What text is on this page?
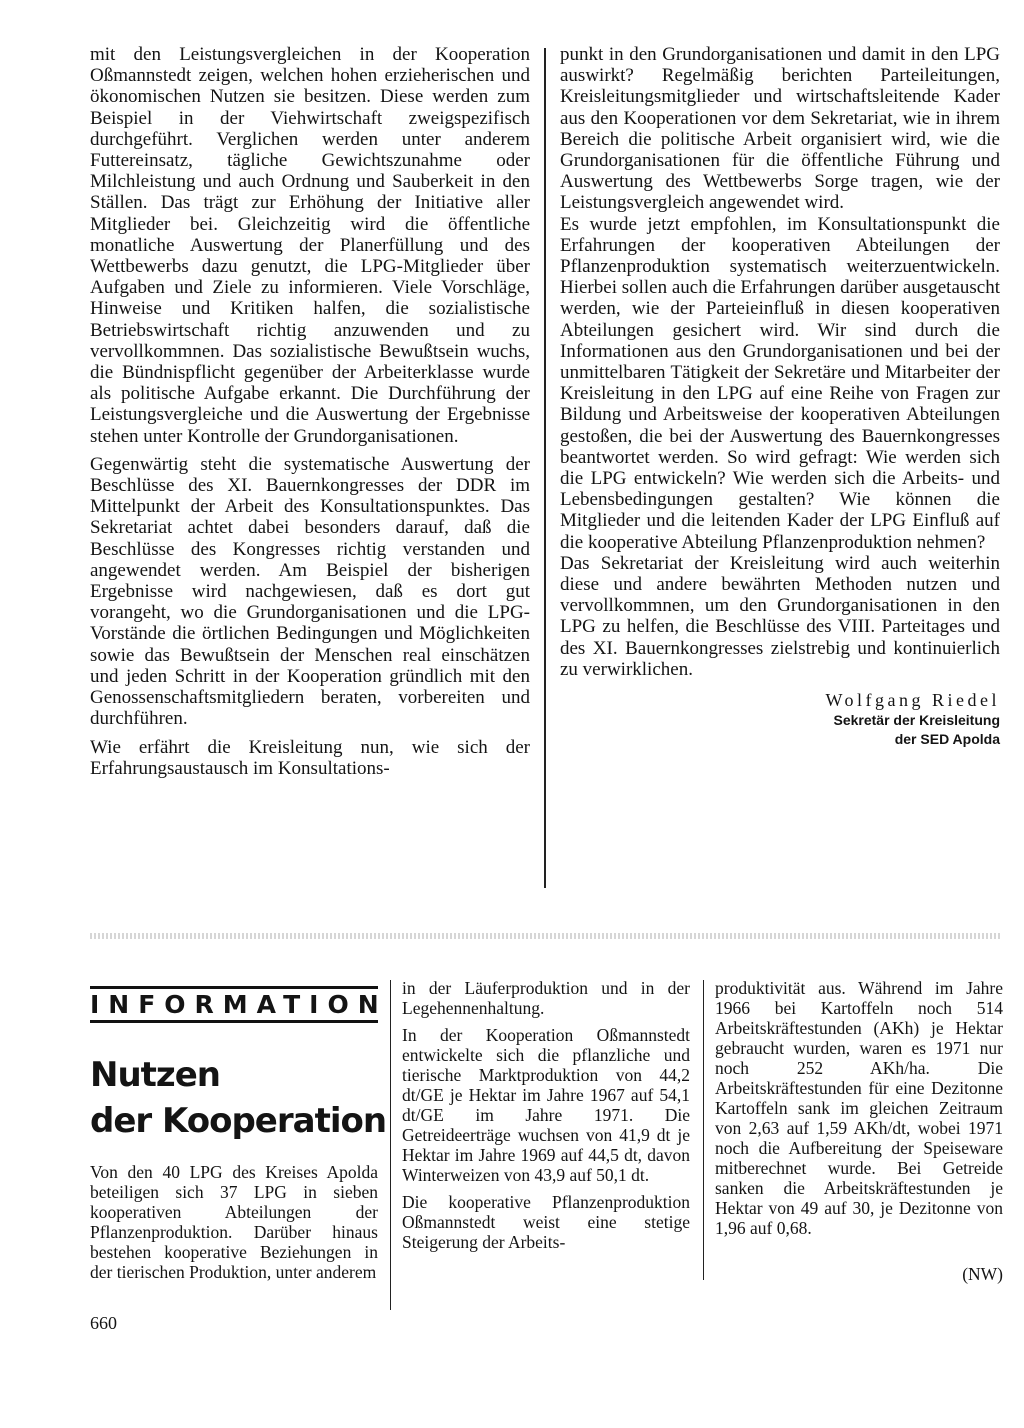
mit den Leistungsvergleichen in der Kooperation Oßmannstedt zeigen, welchen hohen erzieherischen und ökonomischen Nutzen sie besitzen. Diese werden zum Beispiel in der Viehwirtschaft zweigspezifisch durchgeführt. Verglichen werden unter anderem Futtereinsatz, tägliche Gewichtszunahme oder Milchleistung und auch Ordnung und Sauberkeit in den Ställen. Das trägt zur Erhöhung der Initiative aller Mitglieder bei. Gleichzeitig wird die öffentliche monatliche Auswertung der Planerfüllung und des Wettbewerbs dazu genutzt, die LPG-Mitglieder über Aufgaben und Ziele zu informieren. Viele Vorschläge, Hinweise und Kritiken halfen, die sozialistische Betriebswirtschaft richtig anzuwenden und zu vervollkommnen. Das sozialistische Bewußtsein wuchs, die Bündnispflicht gegenüber der Arbeiterklasse wurde als politische Aufgabe erkannt. Die Durchführung der Leistungsvergleiche und die Auswertung der Ergebnisse stehen unter Kontrolle der Grundorganisationen.

Gegenwärtig steht die systematische Auswertung der Beschlüsse des XI. Bauernkongresses der DDR im Mittelpunkt der Arbeit des Konsultationspunktes. Das Sekretariat achtet dabei besonders darauf, daß die Beschlüsse des Kongresses richtig verstanden und angewendet werden. Am Beispiel der bisherigen Ergebnisse wird nachgewiesen, daß es dort gut vorangeht, wo die Grundorganisationen und die LPG-Vorstände die örtlichen Bedingungen und Möglichkeiten sowie das Bewußtsein der Menschen real einschätzen und jeden Schritt in der Kooperation gründlich mit den Genossenschaftsmitgliedern beraten, vorbereiten und durchführen.

Wie erfährt die Kreisleitung nun, wie sich der Erfahrungsaustausch im Konsultations-

punkt in den Grundorganisationen und damit in den LPG auswirkt? Regelmäßig berichten Parteileitungen, Kreisleitungsmitglieder und wirtschaftsleitende Kader aus den Kooperationen vor dem Sekretariat, wie in ihrem Bereich die politische Arbeit organisiert wird, wie die Grundorganisationen für die öffentliche Führung und Auswertung des Wettbewerbs Sorge tragen, wie der Leistungsvergleich angewendet wird.

Es wurde jetzt empfohlen, im Konsultationspunkt die Erfahrungen der kooperativen Abteilungen der Pflanzenproduktion systematisch weiterzuentwickeln. Hierbei sollen auch die Erfahrungen darüber ausgetauscht werden, wie der Parteieinfluß in diesen kooperativen Abteilungen gesichert wird. Wir sind durch die Informationen aus den Grundorganisationen und bei der unmittelbaren Tätigkeit der Sekretäre und Mitarbeiter der Kreisleitung in den LPG auf eine Reihe von Fragen zur Bildung und Arbeitsweise der kooperativen Abteilungen gestoßen, die bei der Auswertung des Bauernkongresses beantwortet werden. So wird gefragt: Wie werden sich die LPG entwickeln? Wie werden sich die Arbeits- und Lebensbedingungen gestalten? Wie können die Mitglieder und die leitenden Kader der LPG Einfluß auf die kooperative Abteilung Pflanzenproduktion nehmen?

Das Sekretariat der Kreisleitung wird auch weiterhin diese und andere bewährten Methoden nutzen und vervollkommnen, um den Grundorganisationen in den LPG zu helfen, die Beschlüsse des VIII. Parteitages und des XI. Bauernkongresses zielstrebig und kontinuierlich zu verwirklichen.

Wolfgang Riedel

Sekretär der Kreisleitung

der SED Apolda

INFORMATION
Nutzen
der Kooperation

Von den 40 LPG des Kreises Apolda beteiligen sich 37 LPG in sieben kooperativen Abteilungen der Pflanzenproduktion. Darüber hinaus bestehen kooperative Beziehungen in der tierischen Produktion, unter anderem

in der Läuferproduktion und in der Legehennenhaltung.

In der Kooperation Oßmannstedt entwickelte sich die pflanzliche und tierische Marktproduktion von 44,2 dt/GE je Hektar im Jahre 1967 auf 54,1 dt/GE im Jahre 1971. Die Getreideerträge wuchsen von 41,9 dt je Hektar im Jahre 1969 auf 44,5 dt, davon Winterweizen von 43,9 auf 50,1 dt.

Die kooperative Pflanzenproduktion Oßmannstedt weist eine stetige Steigerung der Arbeits-

produktivität aus. Während im Jahre 1966 bei Kartoffeln noch 514 Arbeitskräftestunden (AKh) je Hektar gebraucht wurden, waren es 1971 nur noch 252 AKh/ha. Die Arbeitskräftestunden für eine Dezitonne Kartoffeln sank im gleichen Zeitraum von 2,63 auf 1,59 AKh/dt, wobei 1971 noch die Aufbereitung der Speiseware mitberechnet wurde. Bei Getreide sanken die Arbeitskräftestunden je Hektar von 49 auf 30, je Dezitonne von 1,96 auf 0,68.

(NW)

660
